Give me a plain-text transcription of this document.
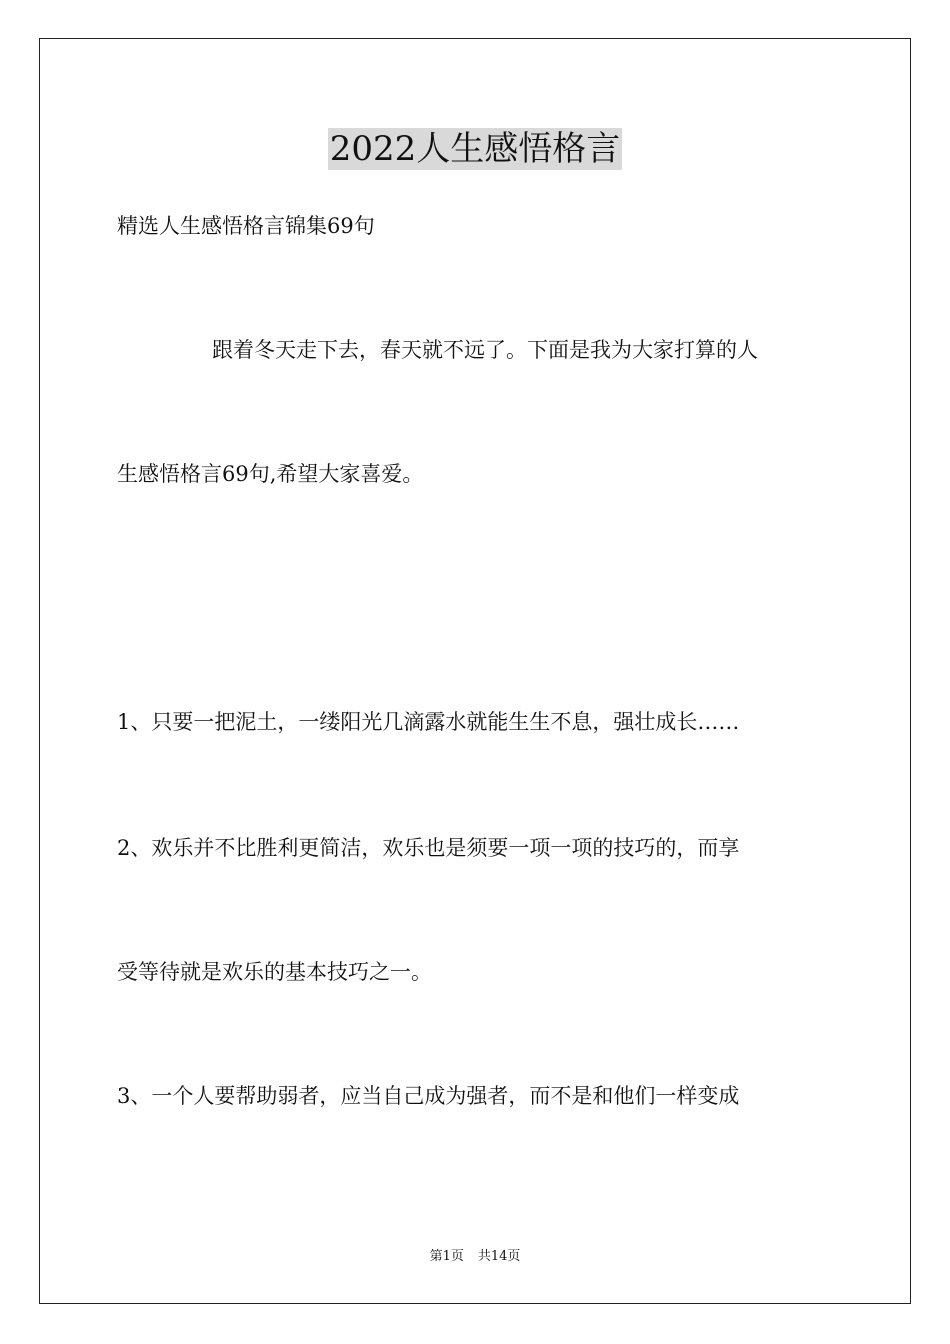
2022人生感悟格言
精选人生感悟格言锦集69句
跟着冬天走下去，春天就不远了。下面是我为大家打算的人
生感悟格言69句,希望大家喜爱。
1、只要一把泥土，一缕阳光几滴露水就能生生不息，强壮成长……
2、欢乐并不比胜利更简洁，欢乐也是须要一项一项的技巧的，而享
受等待就是欢乐的基本技巧之一。
3、一个人要帮助弱者，应当自己成为强者，而不是和他们一样变成
第1页 共14页
